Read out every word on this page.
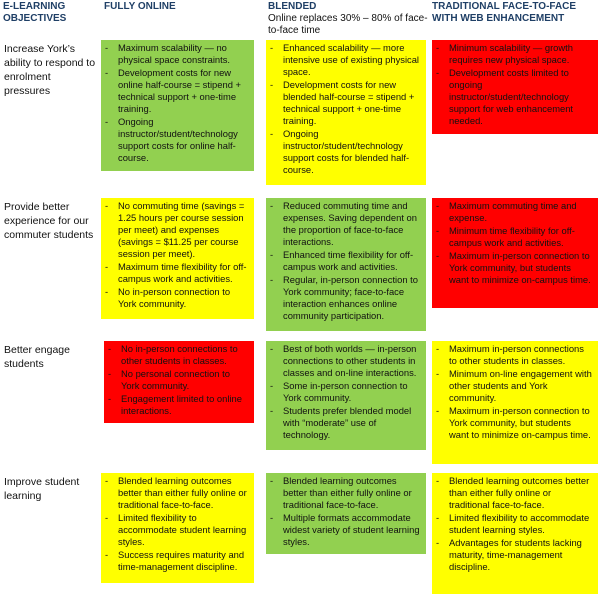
E-LEARNING OBJECTIVES
FULLY ONLINE	BLENDED
Online replaces 30% – 80% of face-to-face time
TRADITIONAL FACE-TO-FACE WITH WEB ENHANCEMENT
Increase York’s ability to respond to enrolment pressures
- Maximum scalability — no physical space constraints.
- Development costs for new online half-course = stipend + technical support + one-time training.
- Ongoing instructor/student/technology support costs for online half-course.
- Enhanced scalability — more intensive use of existing physical space.
- Development costs for new blended half-course = stipend + technical support + one-time training.
- Ongoing instructor/student/technology support costs for blended half-course.
- Minimum scalability — growth requires new physical space.
- Development costs limited to ongoing instructor/student/technology support for web enhancement needed.
Provide better experience for our commuter students
- No commuting time (savings = 1.25 hours per course session per meet) and expenses (savings = $11.25 per course session per meet).
- Maximum time flexibility for off-campus work and activities.
- No in-person connection to York community.
- Reduced commuting time and expenses. Saving dependent on the proportion of face-to-face interactions.
- Enhanced time flexibility for off-campus work and activities.
- Regular, in-person connection to York community; face-to-face interaction enhances online community participation.
- Maximum commuting time and expense.
- Minimum time flexibility for off-campus work and activities.
- Maximum in-person connection to York community, but students want to minimize on-campus time.
Better engage students
- No in-person connections to other students in classes.
- No personal connection to York community.
- Engagement limited to online interactions.
- Best of both worlds — in-person connections to other students in classes and on-line interactions.
- Some in-person connection to York community.
- Students prefer blended model with “moderate” use of technology.
- Maximum in-person connections to other students in classes.
- Minimum on-line engagement with other students and York community.
- Maximum in-person connection to York community, but students want to minimize on-campus time.
Improve student learning
- Blended learning outcomes better than either fully online or traditional face-to-face.
- Limited flexibility to accommodate student learning styles.
- Success requires maturity and time-management discipline.
- Blended learning outcomes better than either fully online or traditional face-to-face.
- Multiple formats accommodate widest variety of student learning styles.
- Blended learning outcomes better than either fully online or traditional face-to-face.
- Limited flexibility to accommodate student learning styles.
- Advantages for students lacking maturity, time-management discipline.
